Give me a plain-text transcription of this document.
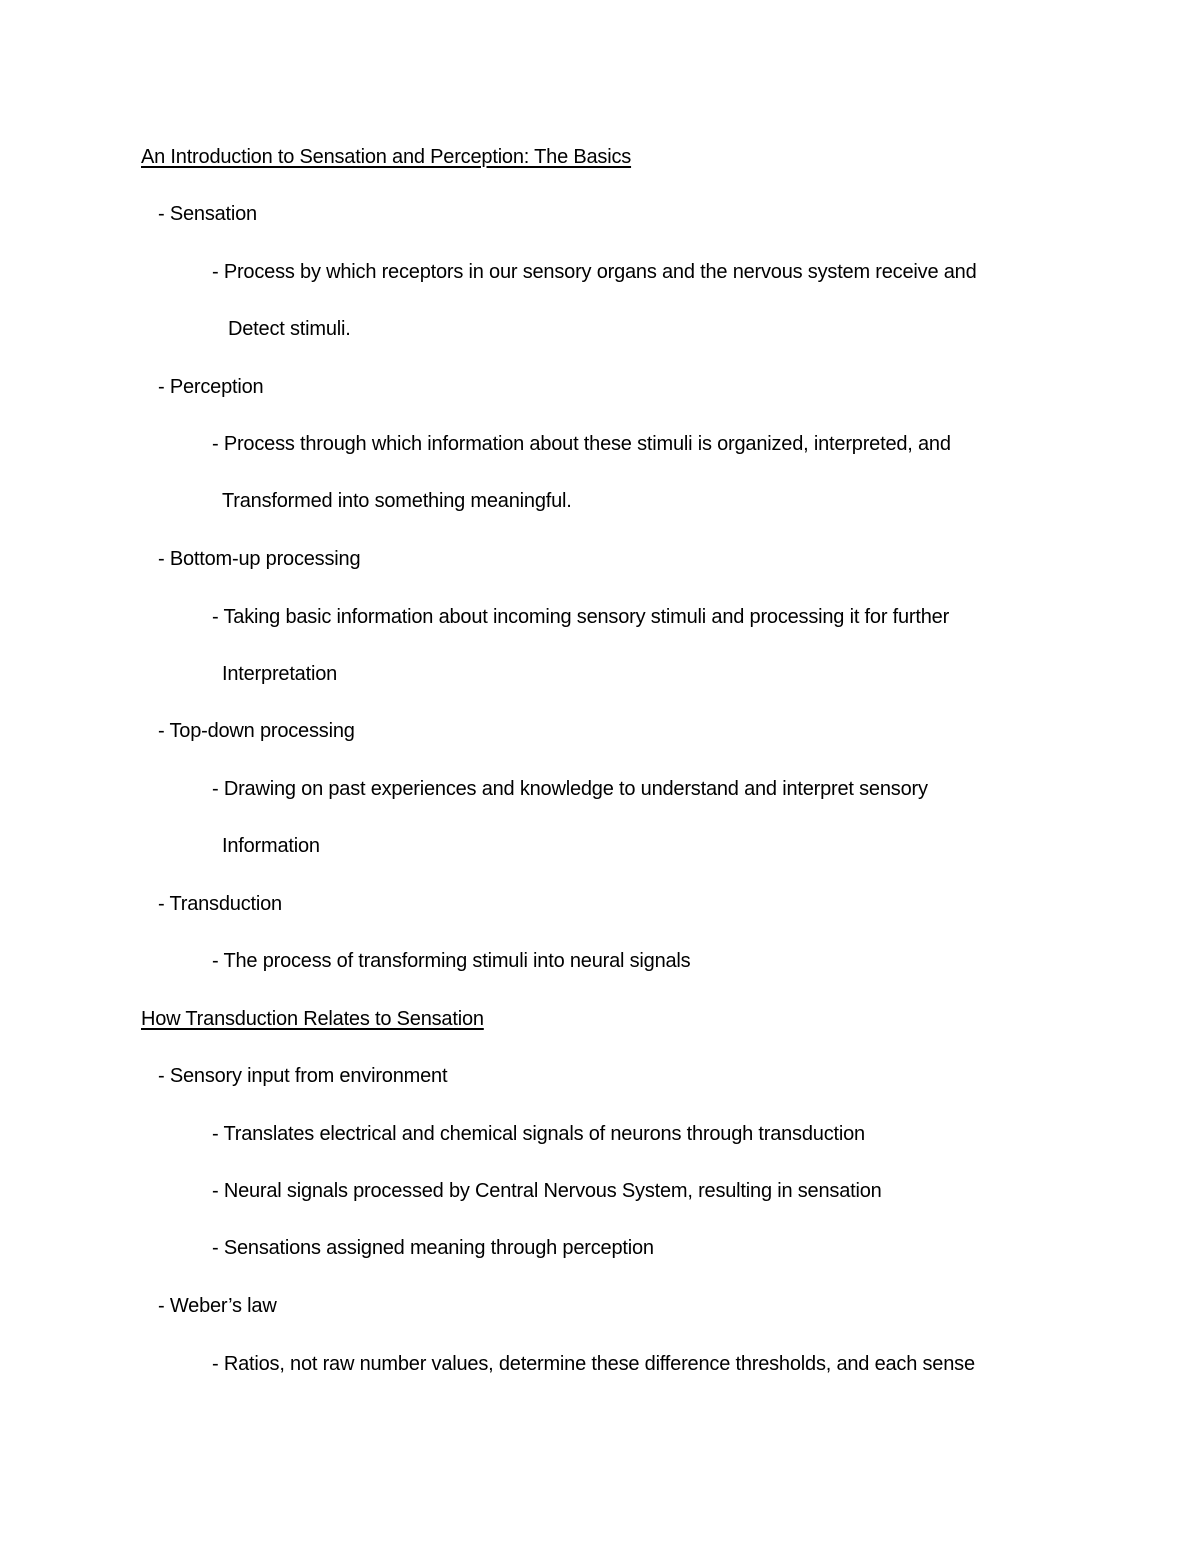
An Introduction to Sensation and Perception: The Basics
- Sensation
- Process by which receptors in our sensory organs and the nervous system receive and
Detect stimuli.
- Perception
- Process through which information about these stimuli is organized, interpreted, and
Transformed into something meaningful.
- Bottom-up processing
- Taking basic information about incoming sensory stimuli and processing it for further
Interpretation
- Top-down processing
- Drawing on past experiences and knowledge to understand and interpret sensory
Information
- Transduction
- The process of transforming stimuli into neural signals
How Transduction Relates to Sensation
- Sensory input from environment
- Translates electrical and chemical signals of neurons through transduction
- Neural signals processed by Central Nervous System, resulting in sensation
- Sensations assigned meaning through perception
- Weber’s law
- Ratios, not raw number values, determine these difference thresholds, and each sense
